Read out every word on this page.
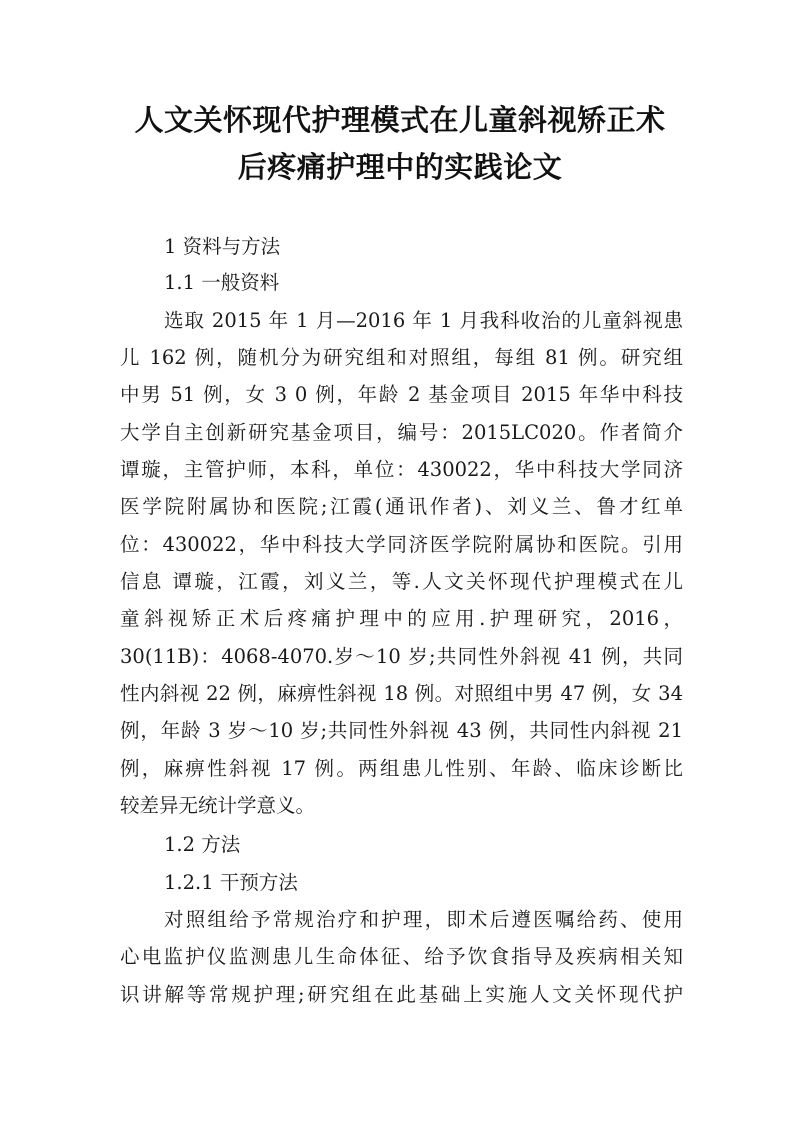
人文关怀现代护理模式在儿童斜视矫正术
后疼痛护理中的实践论文
1 资料与方法
1.1 一般资料
选取 2015 年 1 月—2016 年 1 月我科收治的儿童斜视患
儿 162 例，随机分为研究组和对照组，每组 81 例。研究组
中男 51 例，女 3 0 例，年龄 2 基金项目 2015 年华中科技
大学自主创新研究基金项目，编号：2015LC020。作者简介
谭璇，主管护师，本科，单位：430022，华中科技大学同济
医学院附属协和医院;江霞(通讯作者)、刘义兰、鲁才红单
位：430022，华中科技大学同济医学院附属协和医院。引用
信息 谭璇，江霞，刘义兰，等.人文关怀现代护理模式在儿
童斜视矫正术后疼痛护理中的应用.护理研究，2016，
30(11B)：4068-4070.岁～10 岁;共同性外斜视 41 例，共同
性内斜视 22 例，麻痹性斜视 18 例。对照组中男 47 例，女 34
例，年龄 3 岁～10 岁;共同性外斜视 43 例，共同性内斜视 21
例，麻痹性斜视 17 例。两组患儿性别、年龄、临床诊断比
较差异无统计学意义。
1.2 方法
1.2.1 干预方法
对照组给予常规治疗和护理，即术后遵医嘱给药、使用
心电监护仪监测患儿生命体征、给予饮食指导及疾病相关知
识讲解等常规护理;研究组在此基础上实施人文关怀现代护
